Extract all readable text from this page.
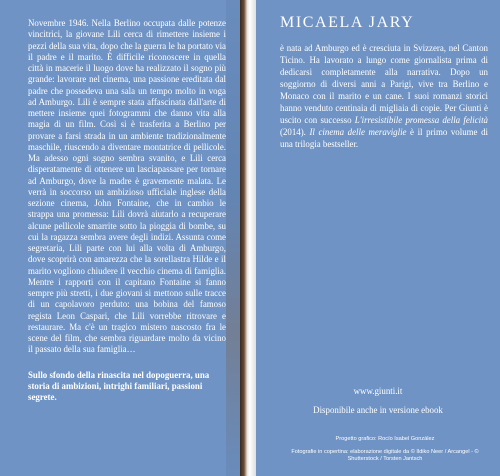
Novembre 1946. Nella Berlino occupata dalle potenze vincitrici, la giovane Lili cerca di rimettere insieme i pezzi della sua vita, dopo che la guerra le ha portato via il padre e il marito. È difficile riconoscere in quella città in macerie il luogo dove ha realizzato il sogno più grande: lavorare nel cinema, una passione ereditata dal padre che possedeva una sala un tempo molto in voga ad Amburgo. Lili è sempre stata affascinata dall'arte di mettere insieme quei fotogrammi che danno vita alla magia di un film. Così si è trasferita a Berlino per provare a farsi strada in un ambiente tradizionalmente maschile, riuscendo a diventare montatrice di pellicole. Ma adesso ogni sogno sembra svanito, e Lili cerca disperatamente di ottenere un lasciapassare per tornare ad Amburgo, dove la madre è gravemente malata. Le verrà in soccorso un ambizioso ufficiale inglese della sezione cinema, John Fontaine, che in cambio le strappa una promessa: Lili dovrà aiutarlo a recuperare alcune pellicole smarrite sotto la pioggia di bombe, su cui la ragazza sembra avere degli indizi. Assunta come segretaria, Lili parte con lui alla volta di Amburgo, dove scoprirà con amarezza che la sorellastra Hilde e il marito vogliono chiudere il vecchio cinema di famiglia. Mentre i rapporti con il capitano Fontaine si fanno sempre più stretti, i due giovani si mettono sulle tracce di un capolavoro perduto: una bobina del famoso regista Leon Caspari, che Lili vorrebbe ritrovare e restaurare. Ma c'è un tragico mistero nascosto fra le scene del film, che sembra riguardare molto da vicino il passato della sua famiglia…

Sullo sfondo della rinascita nel dopoguerra, una storia di ambizioni, intrighi familiari, passioni segrete.

MICAELA JARY

è nata ad Amburgo ed è cresciuta in Svizzera, nel Canton Ticino. Ha lavorato a lungo come giornalista prima di dedicarsi completamente alla narrativa. Dopo un soggiorno di diversi anni a Parigi, vive tra Berlino e Monaco con il marito e un cane. I suoi romanzi storici hanno venduto centinaia di migliaia di copie. Per Giunti è uscito con successo L'irresistibile promessa della felicità (2014). Il cinema delle meraviglie è il primo volume di una trilogia bestseller.

www.giunti.it
Disponibile anche in versione ebook
Progetto grafico: Rocío Isabel González
Fotografie in copertina: elaborazione digitale da © Ildiko Neer / Arcangel - © Shutterstock / Torsten Jantsch
